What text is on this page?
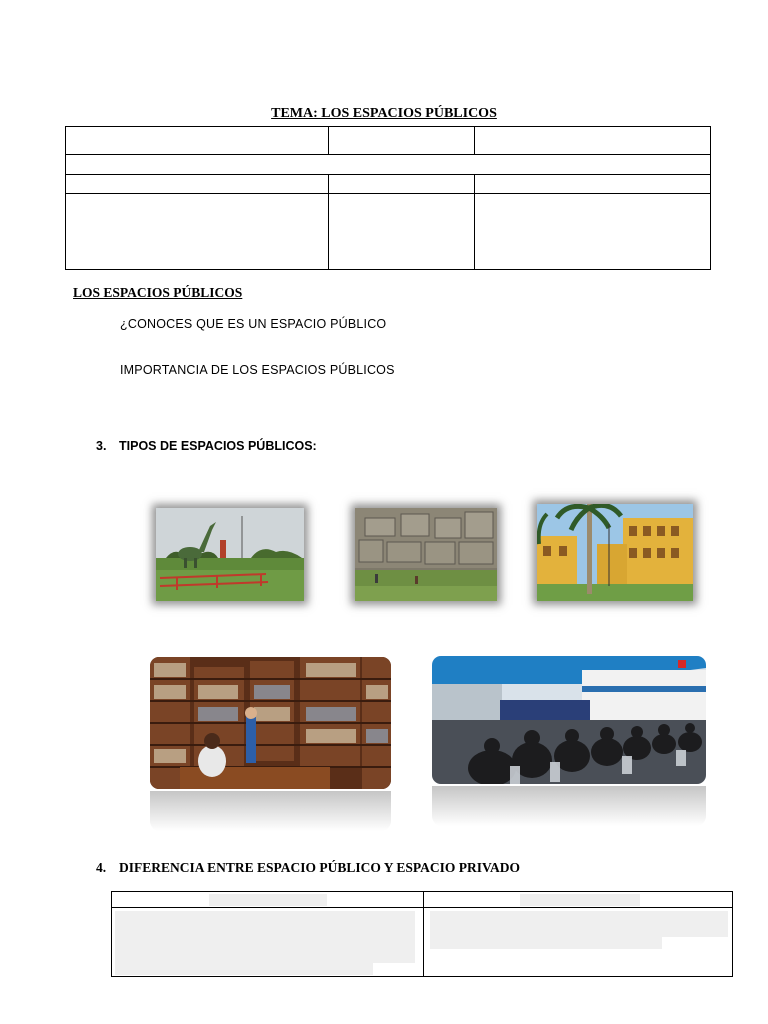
TEMA: LOS ESPACIOS PÚBLICOS

LOS ESPACIOS PÚBLICOS
¿CONOCES QUE ES UN ESPACIO PÚBLICO
IMPORTANCIA DE LOS ESPACIOS PÚBLICOS
3. TIPOS DE ESPACIOS PÚBLICOS:
4. DIFERENCIA ENTRE ESPACIO PÚBLICO Y ESPACIO PRIVADO
